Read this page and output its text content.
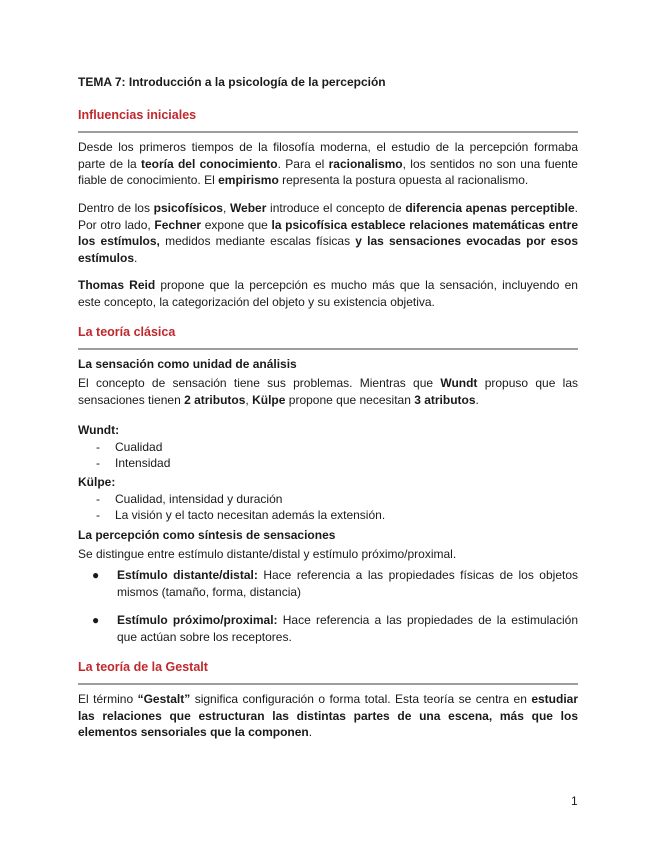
TEMA 7: Introducción a la psicología de la percepción
Influencias iniciales
Desde los primeros tiempos de la filosofía moderna, el estudio de la percepción formaba parte de la teoría del conocimiento. Para el racionalismo, los sentidos no son una fuente fiable de conocimiento. El empirismo representa la postura opuesta al racionalismo.
Dentro de los psicofísicos, Weber introduce el concepto de diferencia apenas perceptible. Por otro lado, Fechner expone que la psicofísica establece relaciones matemáticas entre los estímulos, medidos mediante escalas físicas y las sensaciones evocadas por esos estímulos.
Thomas Reid propone que la percepción es mucho más que la sensación, incluyendo en este concepto, la categorización del objeto y su existencia objetiva.
La teoría clásica
La sensación como unidad de análisis
El concepto de sensación tiene sus problemas. Mientras que Wundt propuso que las sensaciones tienen 2 atributos, Külpe propone que necesitan 3 atributos.
Wundt:
- Cualidad
- Intensidad
Külpe:
- Cualidad, intensidad y duración
- La visión y el tacto necesitan además la extensión.
La percepción como síntesis de sensaciones
Se distingue entre estímulo distante/distal y estímulo próximo/proximal.
● Estímulo distante/distal: Hace referencia a las propiedades físicas de los objetos mismos (tamaño, forma, distancia)
● Estímulo próximo/proximal: Hace referencia a las propiedades de la estimulación que actúan sobre los receptores.
La teoría de la Gestalt
El término “Gestalt” significa configuración o forma total. Esta teoría se centra en estudiar las relaciones que estructuran las distintas partes de una escena, más que los elementos sensoriales que la componen.
1
